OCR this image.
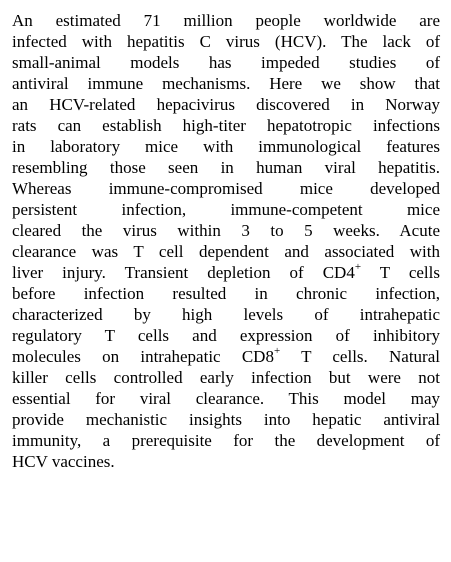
An estimated 71 million people worldwide are
infected with hepatitis C virus (HCV). The lack of
small-animal models has impeded studies of
antiviral immune mechanisms. Here we show that
an HCV-related hepacivirus discovered in Norway
rats can establish high-titer hepatotropic infections
in laboratory mice with immunological features
resembling those seen in human viral hepatitis.
Whereas immune-compromised mice developed
persistent infection, immune-competent mice
cleared the virus within 3 to 5 weeks. Acute
clearance was T cell dependent and associated with
liver injury. Transient depletion of CD4+ T cells
before infection resulted in chronic infection,
characterized by high levels of intrahepatic
regulatory T cells and expression of inhibitory
molecules on intrahepatic CD8+ T cells. Natural
killer cells controlled early infection but were not
essential for viral clearance. This model may
provide mechanistic insights into hepatic antiviral
immunity, a prerequisite for the development of
HCV vaccines.
